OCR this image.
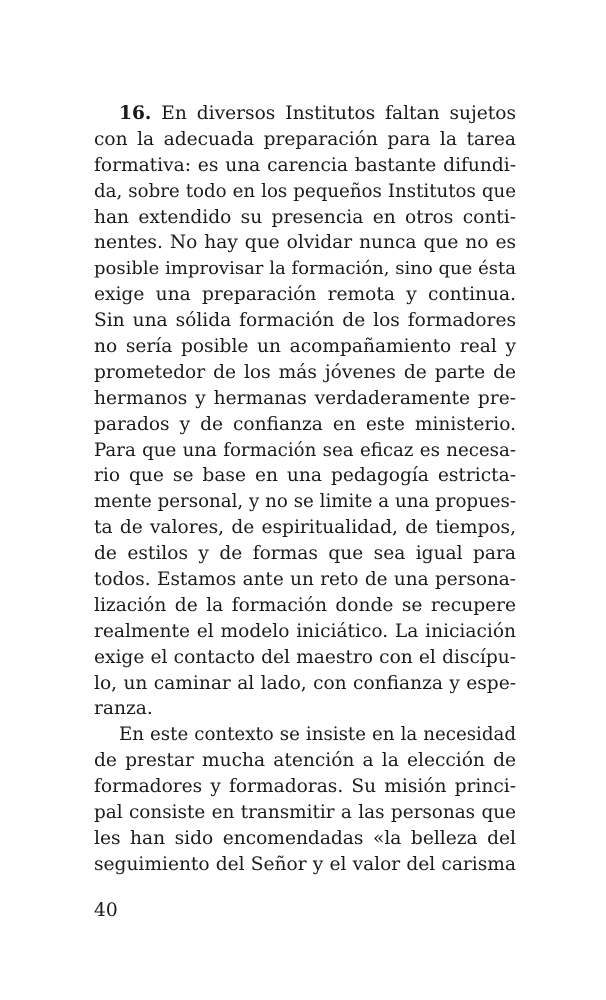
16. En diversos Institutos faltan sujetos
con la adecuada preparación para la tarea
formativa: es una carencia bastante difundi-
da, sobre todo en los pequeños Institutos que
han extendido su presencia en otros conti-
nentes. No hay que olvidar nunca que no es
posible improvisar la formación, sino que ésta
exige una preparación remota y continua.
Sin una sólida formación de los formadores
no sería posible un acompañamiento real y
prometedor de los más jóvenes de parte de
hermanos y hermanas verdaderamente pre-
parados y de confianza en este ministerio.
Para que una formación sea eficaz es necesa-
rio que se base en una pedagogía estricta-
mente personal, y no se limite a una propues-
ta de valores, de espiritualidad, de tiempos,
de estilos y de formas que sea igual para
todos. Estamos ante un reto de una persona-
lización de la formación donde se recupere
realmente el modelo iniciático. La iniciación
exige el contacto del maestro con el discípu-
lo, un caminar al lado, con confianza y espe-
ranza.
En este contexto se insiste en la necesidad
de prestar mucha atención a la elección de
formadores y formadoras. Su misión princi-
pal consiste en transmitir a las personas que
les han sido encomendadas «la belleza del
seguimiento del Señor y el valor del carisma
40
